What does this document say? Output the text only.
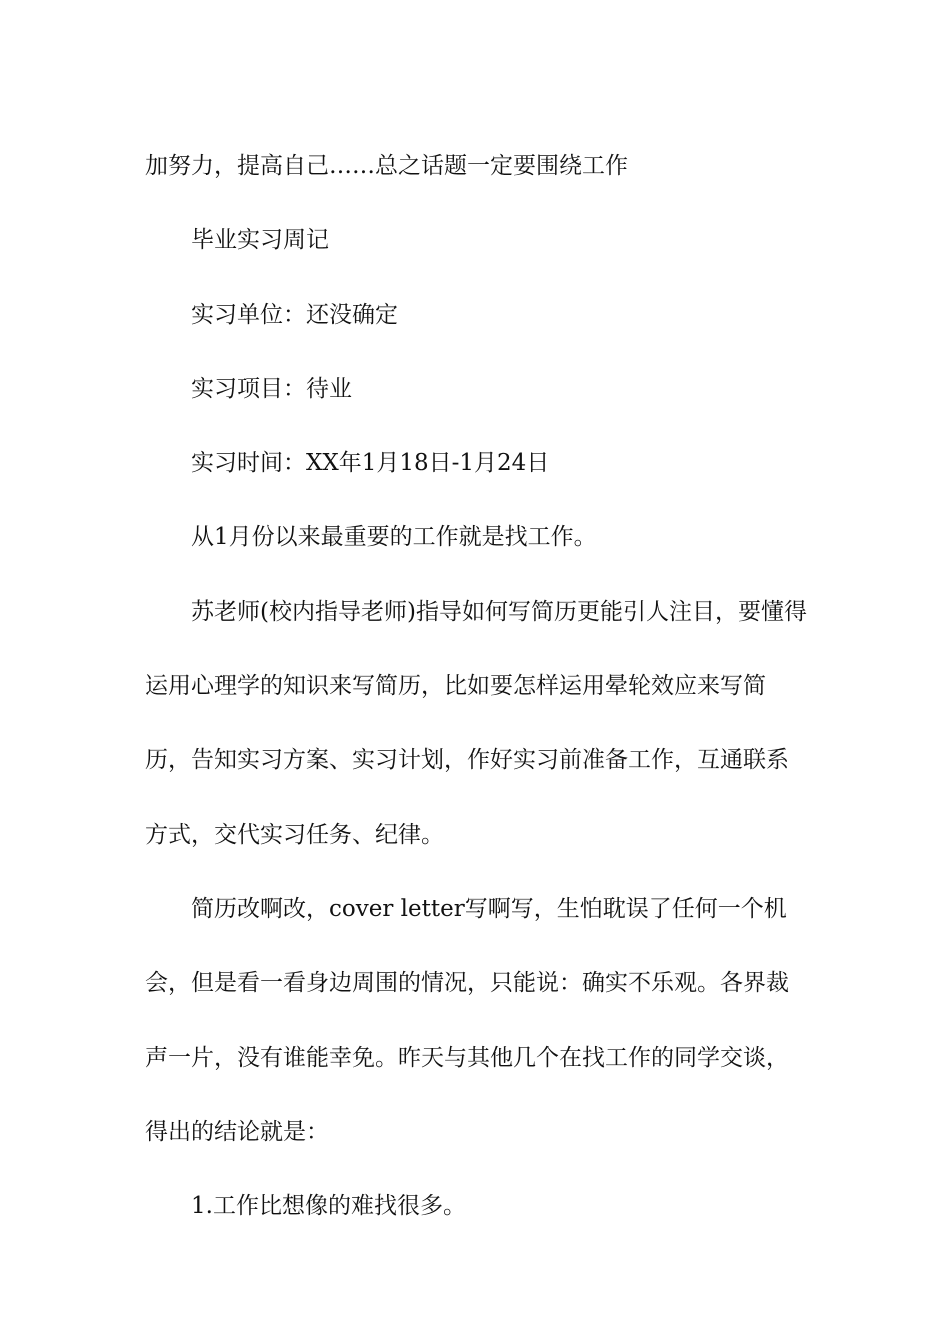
加努力，提高自己……总之话题一定要围绕工作

毕业实习周记

实习单位：还没确定

实习项目：待业

实习时间：XX年1月18日-1月24日

从1月份以来最重要的工作就是找工作。

苏老师(校内指导老师)指导如何写简历更能引人注目，要懂得运用心理学的知识来写简历，比如要怎样运用晕轮效应来写简历，告知实习方案、实习计划，作好实习前准备工作，互通联系方式，交代实习任务、纪律。

简历改啊改，cover letter写啊写，生怕耽误了任何一个机会，但是看一看身边周围的情况，只能说：确实不乐观。各界裁声一片，没有谁能幸免。昨天与其他几个在找工作的同学交谈，得出的结论就是：

1.工作比想像的难找很多。
